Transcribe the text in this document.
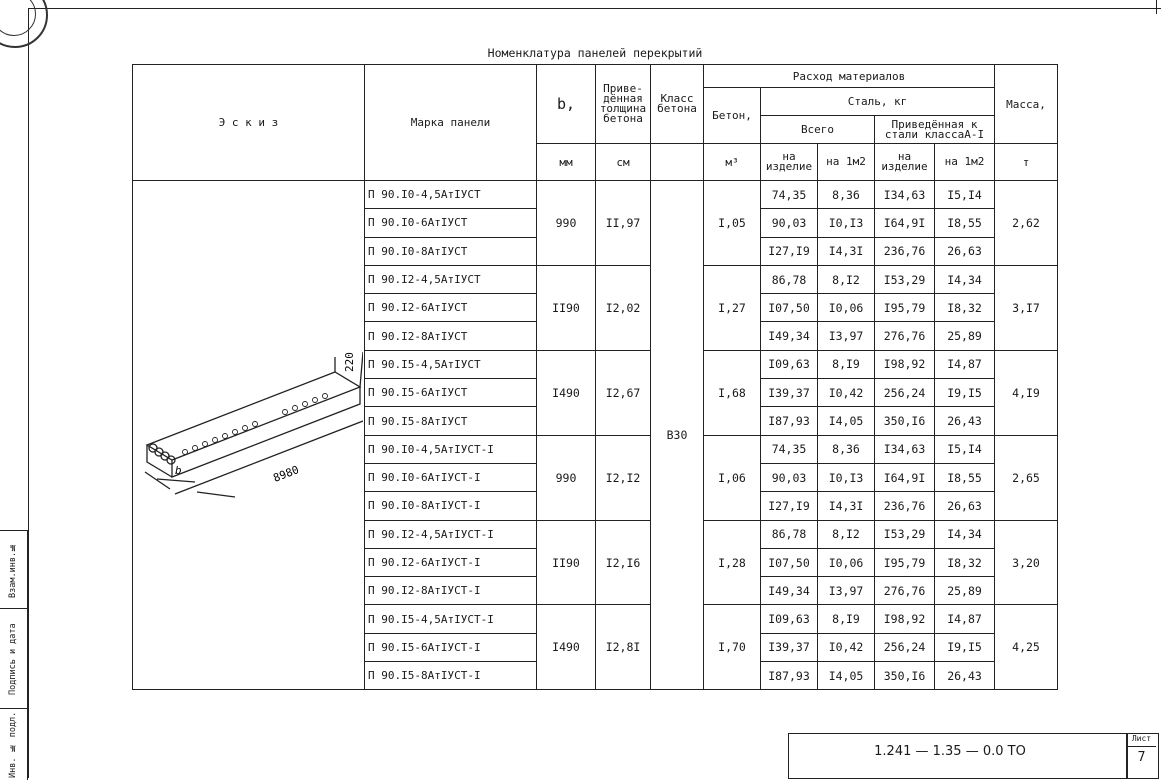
Взам.инв.№
Подпись и дата
Инв. № подл.
Номенклатура панелей перекрытий
Э с к и з	Марка панели	b,	Приве-дённая толщина бетона	Класс бетона	Расход материалов					Масса,
					Бетон,	Сталь, кг				
						Всего		Приведённая к стали классаА-I		
		мм	см		м³	на изделие	на 1м2	на изделие	на 1м2	т

220
8980
b	П 90.I0-4,5АтIУСТ	990	II,97	В30	I,05	74,35	8,36	I34,63	I5,I4	2,62
	П 90.I0-6АтIУСТ					90,03	I0,I3	I64,9I	I8,55	
	П 90.I0-8АтIУСТ					I27,I9	I4,3I	236,76	26,63	
	П 90.I2-4,5АтIУСТ	II90	I2,02		I,27	86,78	8,I2	I53,29	I4,34	3,I7
	П 90.I2-6АтIУСТ					I07,50	I0,06	I95,79	I8,32	
	П 90.I2-8АтIУСТ					I49,34	I3,97	276,76	25,89	
	П 90.I5-4,5АтIУСТ	I490	I2,67		I,68	I09,63	8,I9	I98,92	I4,87	4,I9
	П 90.I5-6АтIУСТ					I39,37	I0,42	256,24	I9,I5	
	П 90.I5-8АтIУСТ					I87,93	I4,05	350,I6	26,43	
	П 90.I0-4,5АтIУСТ-I	990	I2,I2		I,06	74,35	8,36	I34,63	I5,I4	2,65
	П 90.I0-6АтIУСТ-I					90,03	I0,I3	I64,9I	I8,55	
	П 90.I0-8АтIУСТ-I					I27,I9	I4,3I	236,76	26,63	
	П 90.I2-4,5АтIУСТ-I	II90	I2,I6		I,28	86,78	8,I2	I53,29	I4,34	3,20
	П 90.I2-6АтIУСТ-I					I07,50	I0,06	I95,79	I8,32	
	П 90.I2-8АтIУСТ-I					I49,34	I3,97	276,76	25,89	
	П 90.I5-4,5АтIУСТ-I	I490	I2,8I		I,70	I09,63	8,I9	I98,92	I4,87	4,25
	П 90.I5-6АтIУСТ-I					I39,37	I0,42	256,24	I9,I5	
	П 90.I5-8АтIУСТ-I					I87,93	I4,05	350,I6	26,43	
1.241 — 1.35 — 0.0 ТО
Лист
7
